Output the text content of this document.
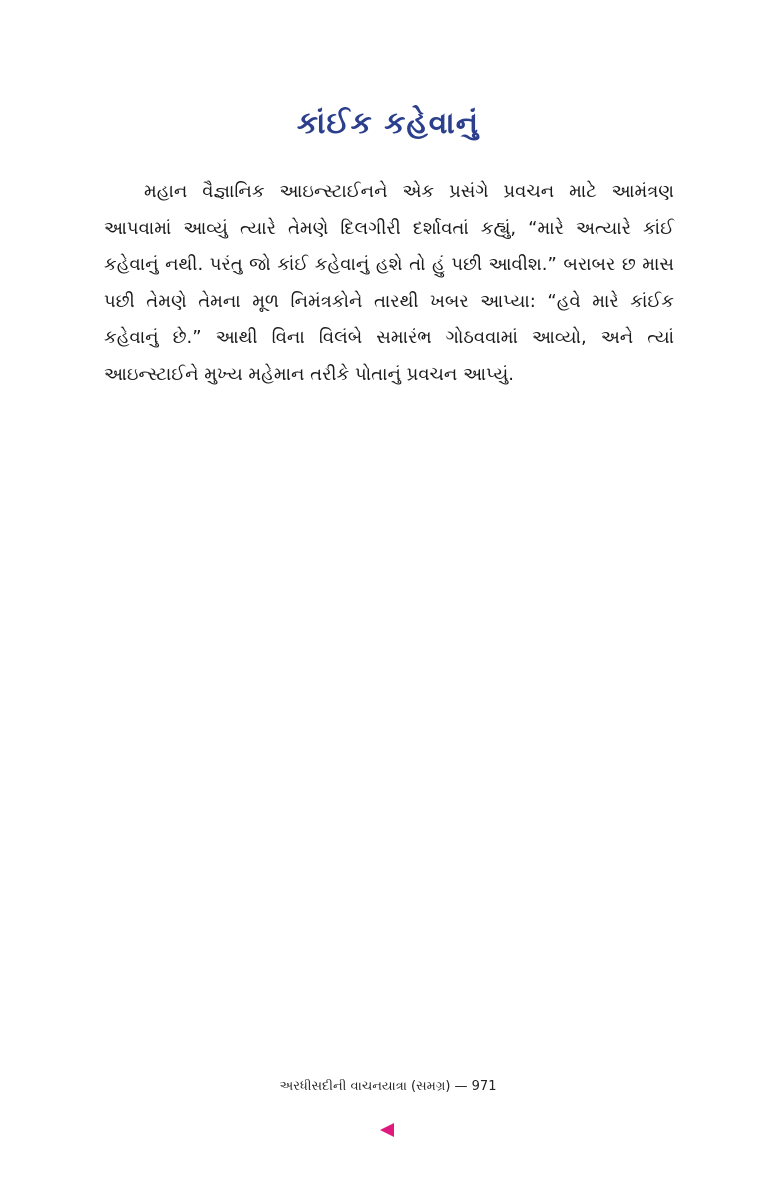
કાંઈક કહેવાનું

મહાન વૈજ્ઞાનિક આઇન્સ્ટાઈનને એક પ્રસંગે પ્રવચન માટે આમંત્રણ આપવામાં આવ્યું ત્યારે તેમણે દિલગીરી દર્શાવતાં કહ્યું, “મારે અત્યારે કાંઈ કહેવાનું નથી. પરંતુ જો કાંઈ કહેવાનું હશે તો હું પછી આવીશ.” બરાબર છ માસ પછી તેમણે તેમના મૂળ નિમંત્રકોને તારથી ખબર આપ્યા: “હવે મારે કાંઈક કહેવાનું છે.” આથી વિના વિલંબે સમારંભ ગોઠવવામાં આવ્યો, અને ત્યાં આઇન્સ્ટાઈને મુખ્ય મહેમાન તરીકે પોતાનું પ્રવચન આપ્યું.

અરધીસદીની વાચનયાત્રા (સમગ્ર) — 971
